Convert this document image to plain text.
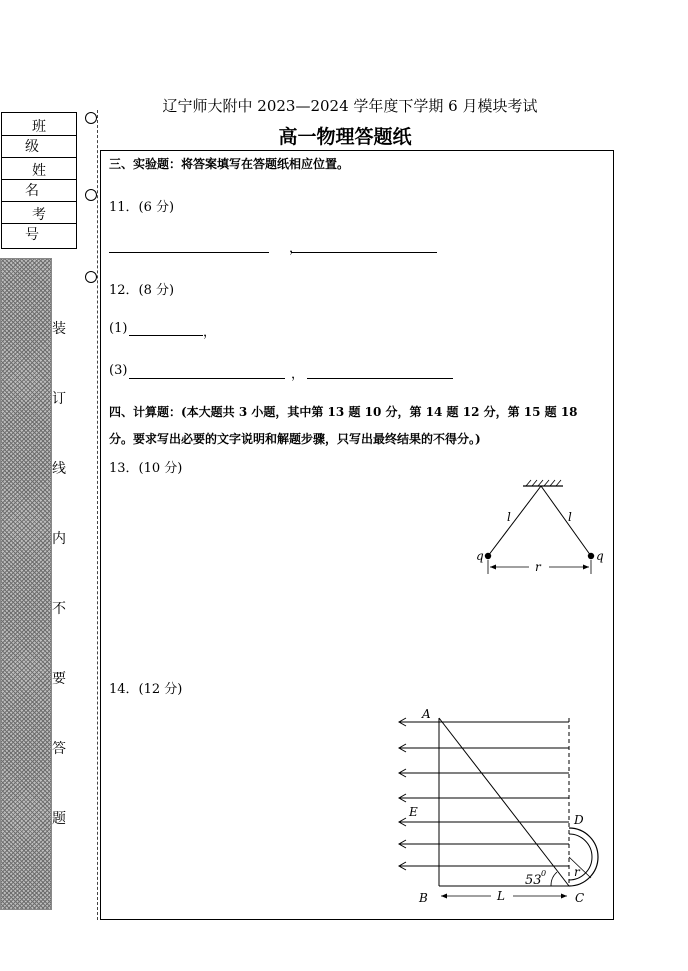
班 级
姓 名
考 号
装
订
线
内
不
要
答
题
辽宁师大附中 2023—2024 学年度下学期 6 月模块考试
高一物理答题纸
三、实验题：将答案填写在答题纸相应位置。
11．(6 分)
，
12．(8 分)
(1)	，
(3)	，
四、计算题：(本大题共 3 小题，其中第 13 题 10 分，第 14 题 12 分，第 15 题 18
分。要求写出必要的文字说明和解题步骤，只写出最终结果的不得分。)
13．(10 分)
l	l
q	q
r
14．(12 分)
A
B	C
D
E
L
53 0 r
